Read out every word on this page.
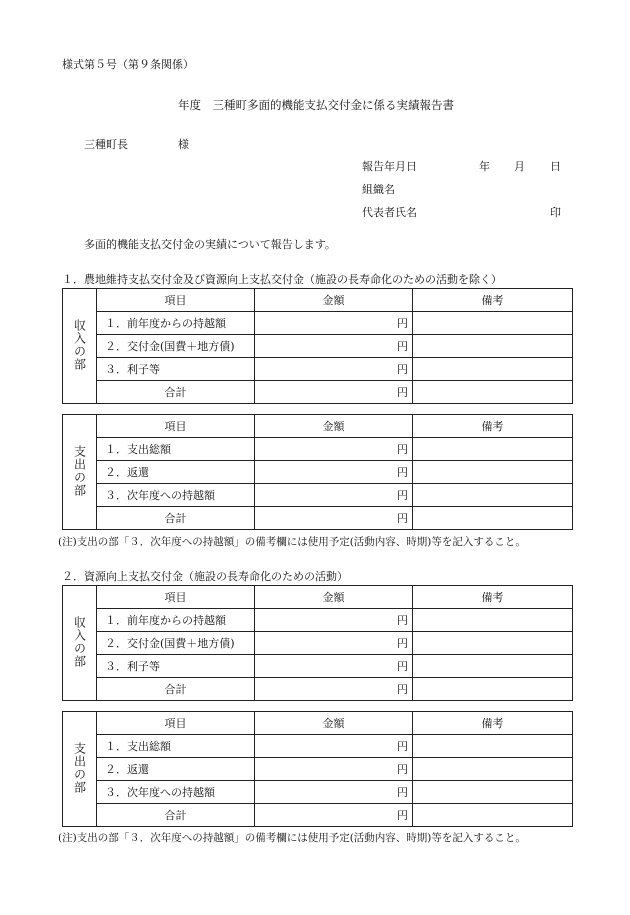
様式第５号（第９条関係）
年度　三種町多面的機能支払交付金に係る実績報告書
三種町長	様
報告年月日	年 月 日
組織名
代表者氏名	印
多面的機能支払交付金の実績について報告します。
１．農地維持支払交付金及び資源向上支払交付金（施設の長寿命化のための活動を除く）
収入の部	項目	金額	備考
	１．前年度からの持越額	円	
	２．交付金(国費＋地方債)	円	
	３．利子等	円	
	合計	円	
支出の部	項目	金額	備考
	１．支出総額	円	
	２．返還	円	
	３．次年度への持越額	円	
	合計	円	
(注)支出の部「３．次年度への持越額」の備考欄には使用予定(活動内容、時期)等を記入すること。
２．資源向上支払交付金（施設の長寿命化のための活動）
収入の部	項目	金額	備考
	１．前年度からの持越額	円	
	２．交付金(国費＋地方債)	円	
	３．利子等	円	
	合計	円	
支出の部	項目	金額	備考
	１．支出総額	円	
	２．返還	円	
	３．次年度への持越額	円	
	合計	円	
(注)支出の部「３．次年度への持越額」の備考欄には使用予定(活動内容、時期)等を記入すること。
